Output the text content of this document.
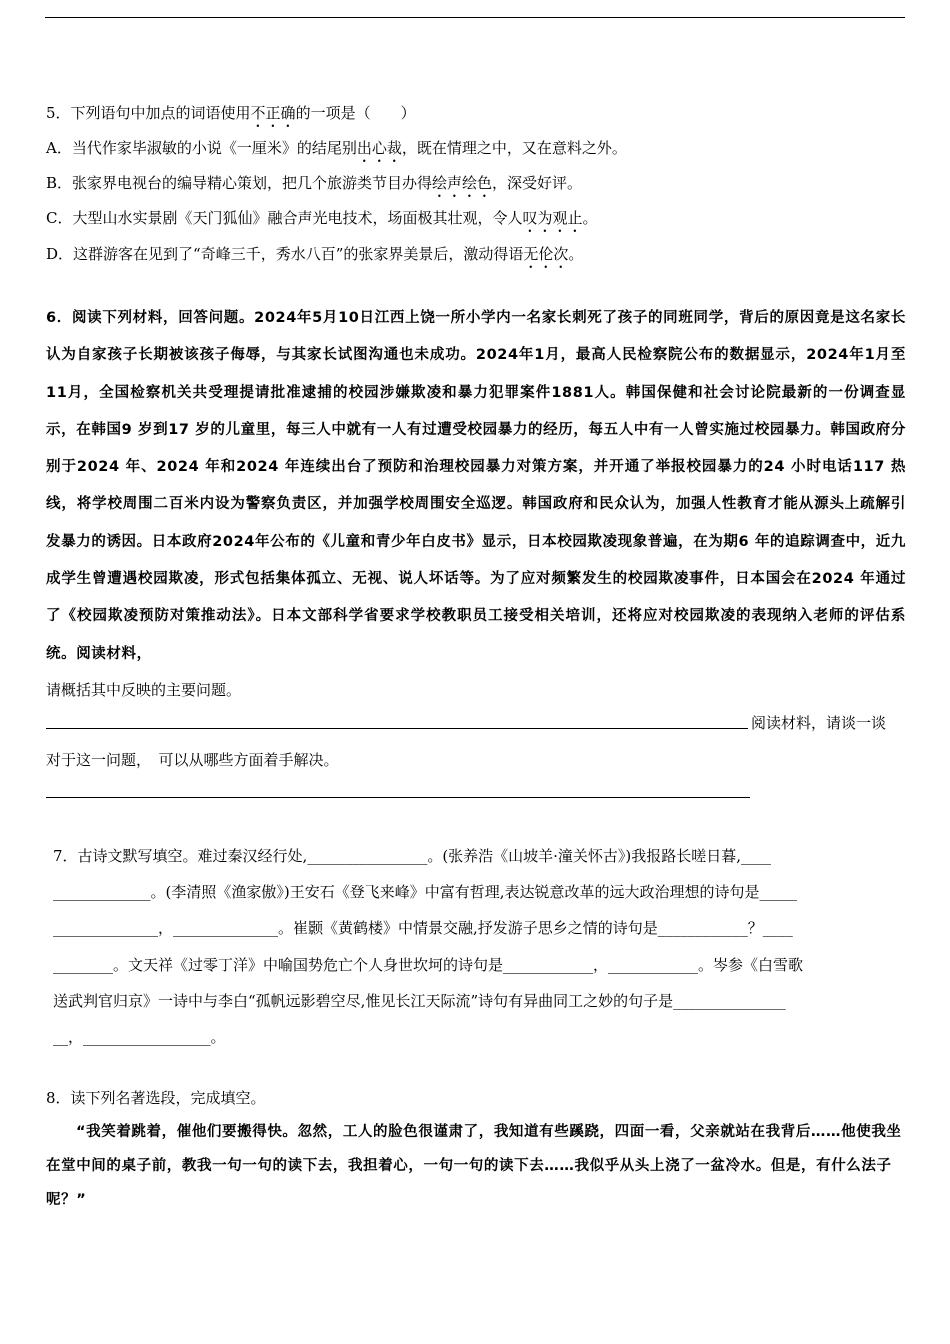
5．下列语句中加点的词语使用不正确的一项是（　　）
A．当代作家毕淑敏的小说《一厘米》的结尾别出心裁，既在情理之中，又在意料之外。
B．张家界电视台的编导精心策划，把几个旅游类节目办得绘声绘色，深受好评。
C．大型山水实景剧《天门狐仙》融合声光电技术，场面极其壮观，令人叹为观止。
D．这群游客在见到了“奇峰三千，秀水八百”的张家界美景后，激动得语无伦次。

6．阅读下列材料，回答问题。2024年5月10日江西上饶一所小学内一名家长刺死了孩子的同班同学，背后的原因竟是这名家长认为自家孩子长期被该孩子侮辱，与其家长试图沟通也未成功。2024年1月，最高人民检察院公布的数据显示，2024年1月至11月，全国检察机关共受理提请批准逮捕的校园涉嫌欺凌和暴力犯罪案件1881人。韩国保健和社会讨论院最新的一份调查显示，在韩国9 岁到17 岁的儿童里，每三人中就有一人有过遭受校园暴力的经历，每五人中有一人曾实施过校园暴力。韩国政府分别于2024 年、2024 年和2024 年连续出台了预防和治理校园暴力对策方案，并开通了举报校园暴力的24 小时电话117 热线，将学校周围二百米内设为警察负责区，并加强学校周围安全巡逻。韩国政府和民众认为，加强人性教育才能从源头上疏解引发暴力的诱因。日本政府2024年公布的《儿童和青少年白皮书》显示，日本校园欺凌现象普遍，在为期6 年的追踪调查中，近九成学生曾遭遇校园欺凌，形式包括集体孤立、无视、说人坏话等。为了应对频繁发生的校园欺凌事件，日本国会在2024 年通过了《校园欺凌预防对策推动法》。日本文部科学省要求学校教职员工接受相关培训，还将应对校园欺凌的表现纳入老师的评估系统。阅读材料，

请概括其中反映的主要问题。
阅读材料，请谈一谈
对于这一问题，　可以从哪些方面着手解决。

7．古诗文默写填空。难过秦汉经行处,________________。(张养浩《山坡羊·潼关怀古》)我报路长嗟日暮,____

_____________。(李清照《渔家傲》)王安石《登飞来峰》中富有哲理,表达锐意改革的远大政治理想的诗句是_____

______________，______________。崔颢《黄鹤楼》中情景交融,抒发游子思乡之情的诗句是____________？____

________。文天祥《过零丁洋》中喻国势危亡个人身世坎坷的诗句是____________，____________。岑参《白雪歌

送武判官归京》一诗中与李白“孤帆远影碧空尽,惟见长江天际流”诗句有异曲同工之妙的句子是_______________

__，_________________。

8．读下列名著选段，完成填空。

“我笑着跳着，催他们要搬得快。忽然，工人的脸色很谨肃了，我知道有些蹊跷，四面一看，父亲就站在我背后……他使我坐在堂中间的桌子前，教我一句一句的读下去，我担着心，一句一句的读下去……我似乎从头上浇了一盆冷水。但是，有什么法子呢？”
